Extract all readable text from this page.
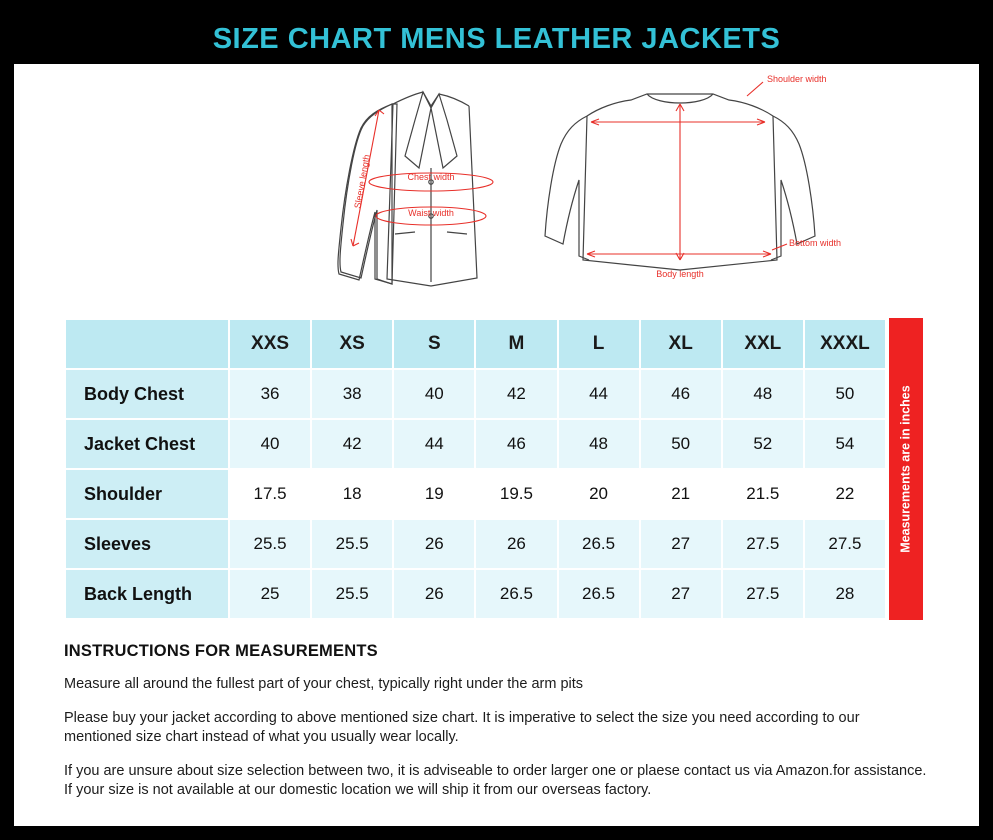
SIZE CHART MENS LEATHER JACKETS
Sleeve length	Chest width
Waist width
Shoulder width
Bottom width
Body length
	XXS	XS	S	M	L	XL	XXL	XXXL
Body Chest	36	38	40	42	44	46	48	50
Jacket Chest	40	42	44	46	48	50	52	54
Shoulder	17.5	18	19	19.5	20	21	21.5	22
Sleeves	25.5	25.5	26	26	26.5	27	27.5	27.5
Back Length	25	25.5	26	26.5	26.5	27	27.5	28
Measurements are in inches
INSTRUCTIONS FOR MEASUREMENTS

Measure all around the fullest part of your chest, typically right under the arm pits

Please buy your jacket according to above mentioned size chart. It is imperative to select the size you need according to our mentioned size chart instead of what you usually wear locally.

If you are unsure about size selection between two, it is adviseable to order larger one or plaese contact us via Amazon.for assistance. If your size is not available at our domestic location we will ship it from our overseas factory.
